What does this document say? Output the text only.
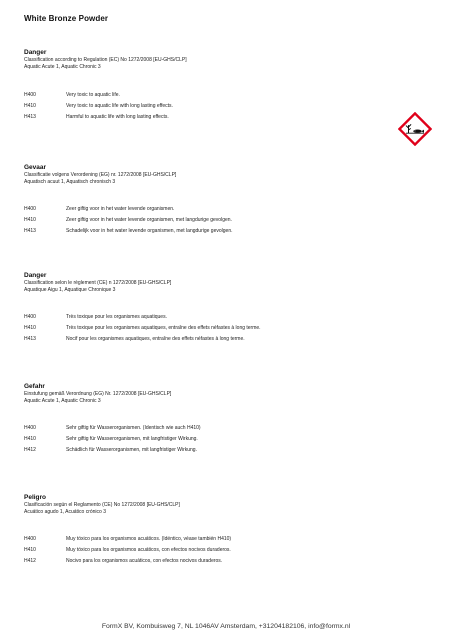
White Bronze Powder

Danger

Classification according to Regulation (EC) No 1272/2008 [EU-GHS/CLP]

Aquatic Acute 1, Aquatic Chronic 3

H400	Very toxic to aquatic life.
H410	Very toxic to aquatic life with long lasting effects.
H413	Harmful to aquatic life with long lasting effects.

Gevaar

Classificatie volgens Verordening (EG) nr. 1272/2008 [EU-GHS/CLP]

Aquatisch acuut 1, Aquatisch chronisch 3

H400	Zeer giftig voor in het water levende organismen.
H410	Zeer giftig voor in het water levende organismen, met langdurige gevolgen.
H413	Schadelijk voor in het water levende organismen, met langdurige gevolgen.

Danger

Classification selon le règlement (CE) n 1272/2008 [EU-GHS/CLP]

Aquatique Aigu 1, Aquatique Chronique 3

H400	Très toxique pour les organismes aquatiques.
H410	Très toxique pour les organismes aquatiques, entraîne des effets néfastes à long terme.
H413	Nocif pour les organismes aquatiques, entraîne des effets néfastes à long terme.

Gefahr

Einstufung gemäß Verordnung (EG) Nr. 1272/2008 [EU-GHS/CLP]

Aquatic Acute 1, Aquatic Chronic 3

H400	Sehr giftig für Wasserorganismen. (Identisch wie auch H410)
H410	Sehr giftig für Wasserorganismen, mit langfristiger Wirkung.
H412	Schädlich für Wasserorganismen, mit langfristiger Wirkung.

Peligro

Clasificación según el Reglamento (CE) No 1272/2008 [EU-GHS/CLP]

Acuático agudo 1, Acuático crónico 3

H400	Muy tóxico para los organismos acuáticos. (Idéntico, véase también H410)
H410	Muy tóxico para los organismos acuáticos, con efectos nocivos duraderos.
H412	Nocivo para los organismos acuáticos, con efectos nocivos duraderos.
FormX BV, Kombuisweg 7, NL 1046AV Amsterdam, +31204182106, info@formx.nl
